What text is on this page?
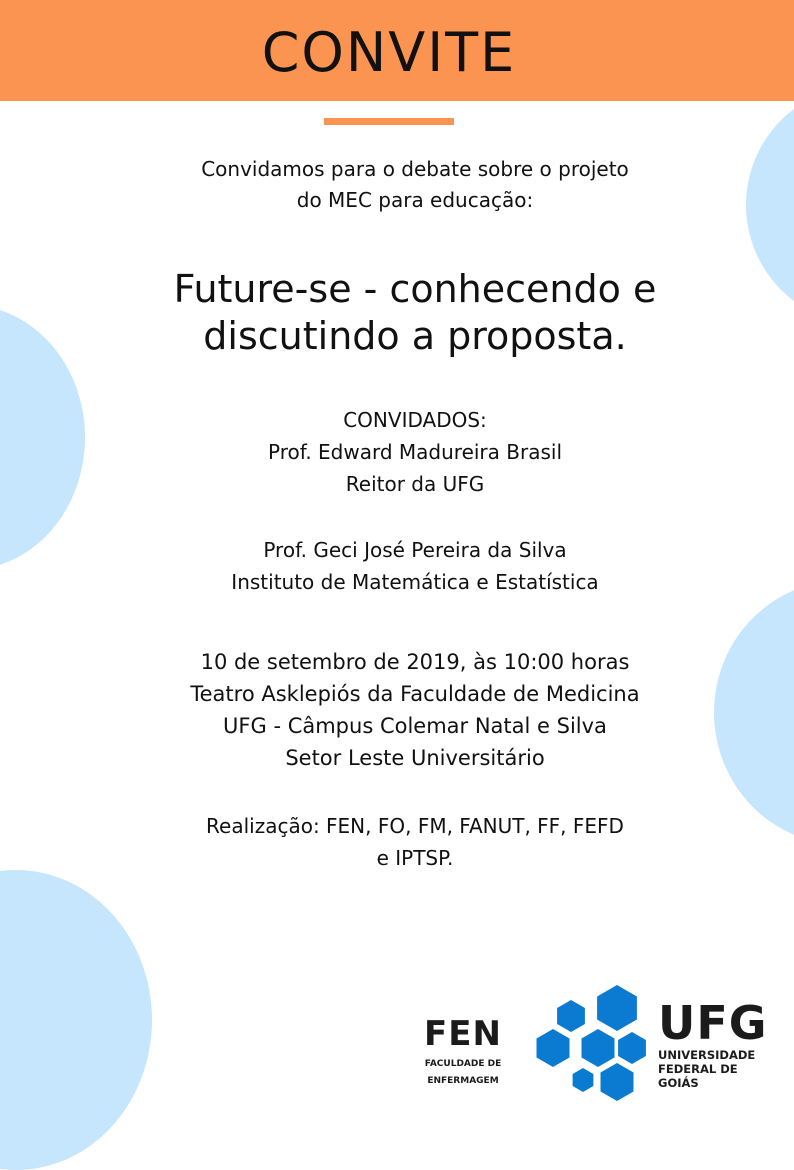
CONVITE
Convidamos para o debate sobre o projeto
do MEC para educação:
Future-se - conhecendo e
discutindo a proposta.
CONVIDADOS:
Prof. Edward Madureira Brasil
Reitor da UFG
Prof. Geci José Pereira da Silva
Instituto de Matemática e Estatística
10 de setembro de 2019, às 10:00 horas
Teatro Asklepiós da Faculdade de Medicina
UFG - Câmpus Colemar Natal e Silva
Setor Leste Universitário
Realização: FEN, FO, FM, FANUT, FF, FEFD
e IPTSP.
FEN
FACULDADE DE
ENFERMAGEM
UFG
UNIVERSIDADE
FEDERAL DE GOIÁS
